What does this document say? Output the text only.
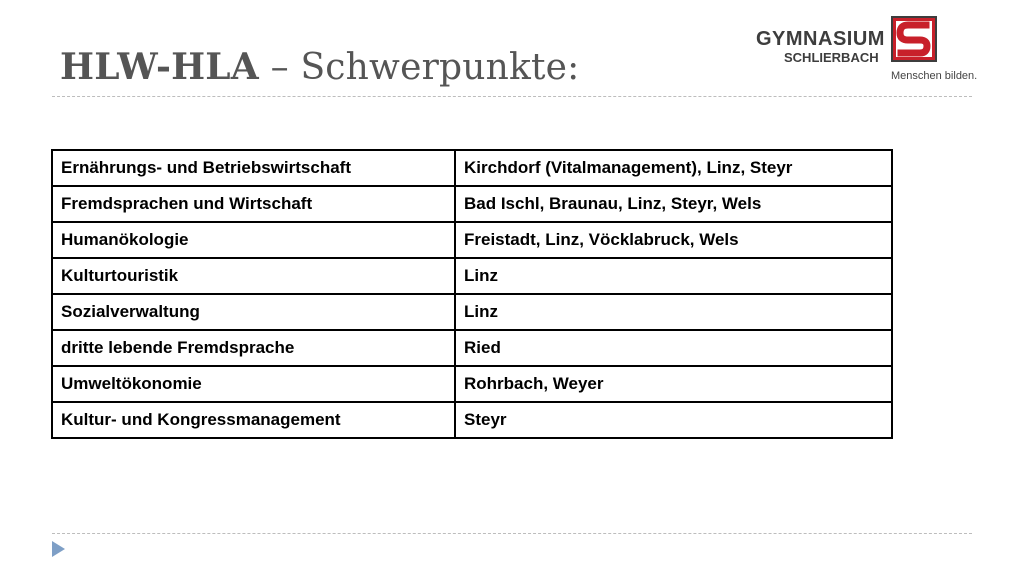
HLW-HLA – Schwerpunkte:
GYMNASIUM
SCHLIERBACH
Menschen bilden.
Ernährungs- und Betriebswirtschaft	Kirchdorf (Vitalmanagement), Linz, Steyr
Fremdsprachen und Wirtschaft	Bad Ischl, Braunau, Linz, Steyr, Wels
Humanökologie	Freistadt, Linz, Vöcklabruck, Wels
Kulturtouristik	Linz
Sozialverwaltung	Linz
dritte lebende Fremdsprache	Ried
Umweltökonomie	Rohrbach, Weyer
Kultur- und Kongressmanagement	Steyr
